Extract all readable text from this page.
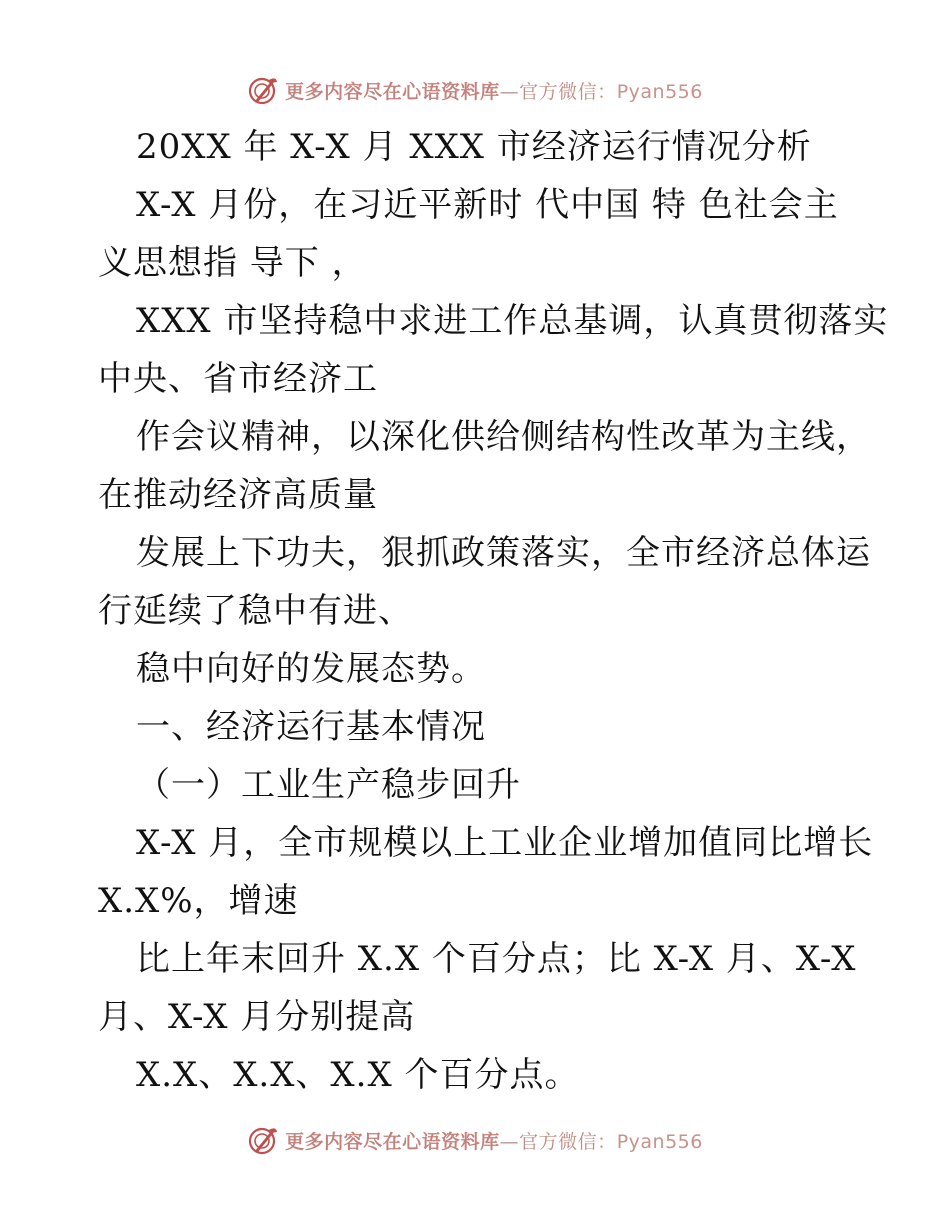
更多内容尽在心语资料库—官方微信：Pyan556
20XX 年 X-X 月 XXX 市经济运行情况分析
X-X 月份，在习近平新时 代中国 特 色社会主
义思想指 导下 ，
XXX 市坚持稳中求进工作总基调，认真贯彻落实
中央、省市经济工
作会议精神，以深化供给侧结构性改革为主线，
在推动经济高质量
发展上下功夫，狠抓政策落实，全市经济总体运
行延续了稳中有进、
稳中向好的发展态势。
一、经济运行基本情况
（一）工业生产稳步回升
X-X 月，全市规模以上工业企业增加值同比增长
X.X%，增速
比上年末回升 X.X 个百分点；比 X-X 月、X-X
月、X-X 月分别提高
X.X、X.X、X.X 个百分点。
更多内容尽在心语资料库—官方微信：Pyan556
